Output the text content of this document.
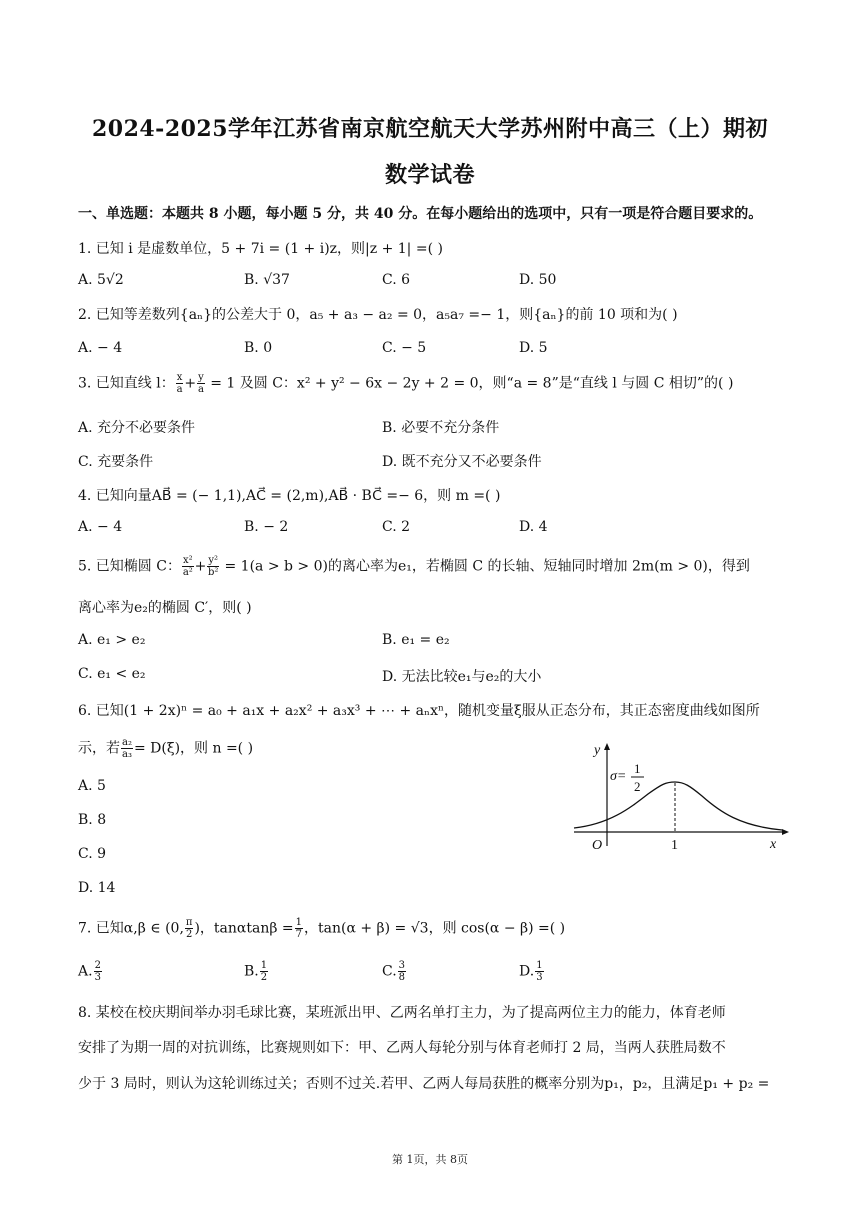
2024-2025学年江苏省南京航空航天大学苏州附中高三（上）期初
数学试卷
一、单选题：本题共 8 小题，每小题 5 分，共 40 分。在每小题给出的选项中，只有一项是符合题目要求的。
1. 已知 i 是虚数单位，5 + 7i = (1 + i)z，则|z + 1| =( )
A. 5√2	B. √37	C. 6	D. 50
2. 已知等差数列{aₙ}的公差大于 0，a₅ + a₃ − a₂ = 0，a₅a₇ =− 1，则{aₙ}的前 10 项和为( )
A. − 4	B. 0	C. − 5	D. 5
3. 已知直线 l： $\frac{x}{a} + \frac{y}{a} = 1$ 及圆 C：x² + y² − 6x − 2y + 2 = 0，则“a = 8”是“直线 l 与圆 C 相切”的( )
A. 充分不必要条件	B. 必要不充分条件
C. 充要条件	D. 既不充分又不必要条件
4. 已知向量AB⃗ = (− 1,1),AC⃗ = (2,m),AB⃗ · BC⃗ =− 6，则 m =( )
A. − 4	B. − 2	C. 2	D. 4
5. 已知椭圆 C： $\frac{\text{x²}}{\text{a²}} + \frac{\text{y²}}{\text{b²}} = 1(a > b > 0)$的离心率为e₁，若椭圆 C 的长轴、短轴同时增加 2m(m > 0)，得到
离心率为e₂的椭圆 C′，则( )
A. e₁ > e₂	B. e₁ = e₂
C. e₁ < e₂	D. 无法比较e₁与e₂的大小
6. 已知(1 + 2x)ⁿ = a₀ + a₁x + a₂x² + a₃x³ + ⋯ + aₙxⁿ，随机变量ξ服从正态分布，其正态密度曲线如图所
示，若 $\frac{\text{a₂}}{\text{a₃}} = D(\xi)$，则 n =( )
A. 5
B. 8
C. 9
D. 14
y
x
O	1
σ=
1
2
7. 已知α,β ∈ (0, $\frac{\pi}{2}$ )，$\tan\alpha\tan\beta = \frac{1}{7}$ ，tan(α + β) = √3，则 cos(α − β) =( )
A. $\frac{2}{3}$	B. $\frac{1}{2}$	C. $\frac{3}{8}$	D. $\frac{1}{3}$
8. 某校在校庆期间举办羽毛球比赛，某班派出甲、乙两名单打主力，为了提高两位主力的能力，体育老师
安排了为期一周的对抗训练，比赛规则如下：甲、乙两人每轮分别与体育老师打 2 局，当两人获胜局数不
少于 3 局时，则认为这轮训练过关；否则不过关.若甲、乙两人每局获胜的概率分别为p₁，p₂，且满足p₁ + p₂ =
第 1页，共 8页
